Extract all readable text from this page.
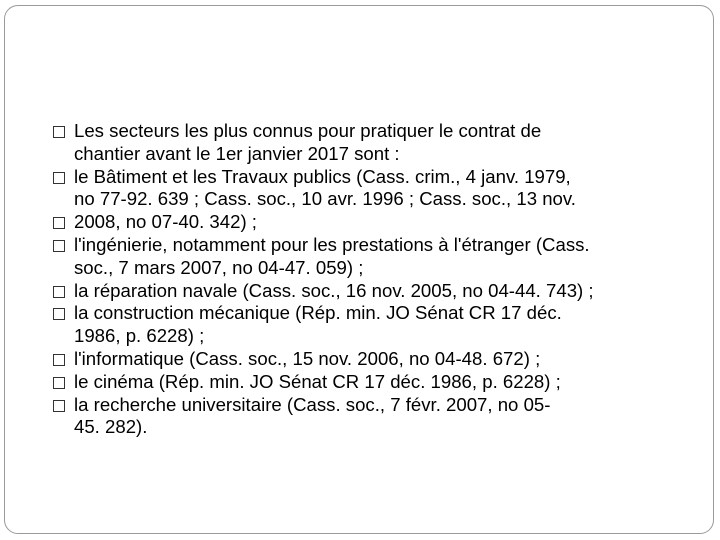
Les secteurs les plus connus pour pratiquer le contrat de
chantier avant le 1er janvier 2017 sont :
le Bâtiment et les Travaux publics (Cass. crim., 4 janv. 1979,
no 77-92. 639 ; Cass. soc., 10 avr. 1996 ; Cass. soc., 13 nov.
2008, no 07-40. 342) ;
l'ingénierie, notamment pour les prestations à l'étranger (Cass.
soc., 7 mars 2007, no 04-47. 059) ;
la réparation navale (Cass. soc., 16 nov. 2005, no 04-44. 743) ;
la construction mécanique (Rép. min. JO Sénat CR 17 déc.
1986, p. 6228) ;
l'informatique (Cass. soc., 15 nov. 2006, no 04-48. 672) ;
le cinéma (Rép. min. JO Sénat CR 17 déc. 1986, p. 6228) ;
la recherche universitaire (Cass. soc., 7 févr. 2007, no 05-
45. 282).
